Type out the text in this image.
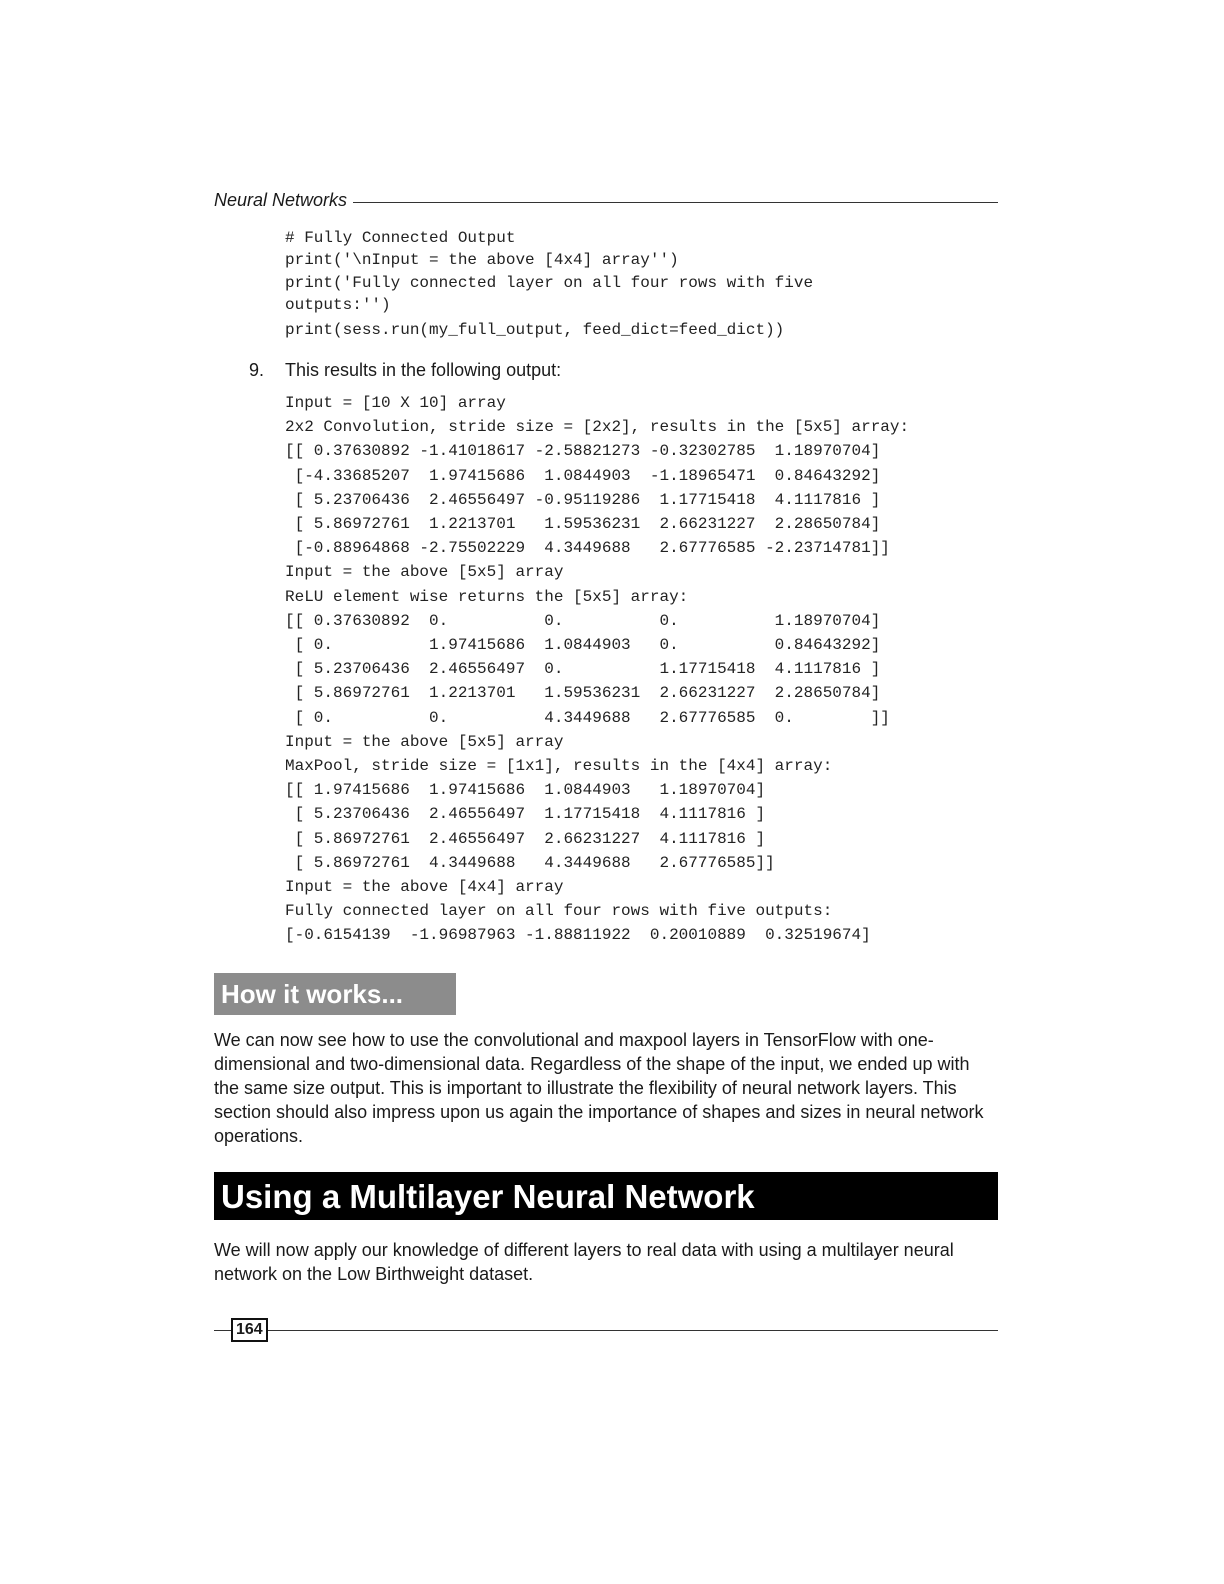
Neural Networks
# Fully Connected Output
print('\nInput = the above [4x4] array'')
print('Fully connected layer on all four rows with five
outputs:'')
print(sess.run(my_full_output, feed_dict=feed_dict))
9. This results in the following output:
Input = [10 X 10] array
2x2 Convolution, stride size = [2x2], results in the [5x5] array:
[[ 0.37630892 -1.41018617 -2.58821273 -0.32302785  1.18970704]
[-4.33685207  1.97415686  1.0844903  -1.18965471  0.84643292]
[ 5.23706436  2.46556497 -0.95119286  1.17715418  4.1117816 ]
[ 5.86972761  1.2213701   1.59536231  2.66231227  2.28650784]
[-0.88964868 -2.75502229  4.3449688   2.67776585 -2.23714781]]
Input = the above [5x5] array
ReLU element wise returns the [5x5] array:
[[ 0.37630892  0.          0.          0.          1.18970704]
[ 0.          1.97415686  1.0844903   0.          0.84643292]
[ 5.23706436  2.46556497  0.          1.17715418  4.1117816 ]
[ 5.86972761  1.2213701   1.59536231  2.66231227  2.28650784]
[ 0.          0.          4.3449688   2.67776585  0.        ]]
Input = the above [5x5] array
MaxPool, stride size = [1x1], results in the [4x4] array:
[[ 1.97415686  1.97415686  1.0844903   1.18970704]
[ 5.23706436  2.46556497  1.17715418  4.1117816 ]
[ 5.86972761  2.46556497  2.66231227  4.1117816 ]
[ 5.86972761  4.3449688   4.3449688   2.67776585]]
Input = the above [4x4] array
Fully connected layer on all four rows with five outputs:
[-0.6154139  -1.96987963 -1.88811922  0.20010889  0.32519674]
How it works...

We can now see how to use the convolutional and maxpool layers in TensorFlow with one-dimensional and two-dimensional data. Regardless of the shape of the input, we ended up with the same size output. This is important to illustrate the flexibility of neural network layers. This section should also impress upon us again the importance of shapes and sizes in neural network operations.

Using a Multilayer Neural Network

We will now apply our knowledge of different layers to real data with using a multilayer neural network on the Low Birthweight dataset.

164
